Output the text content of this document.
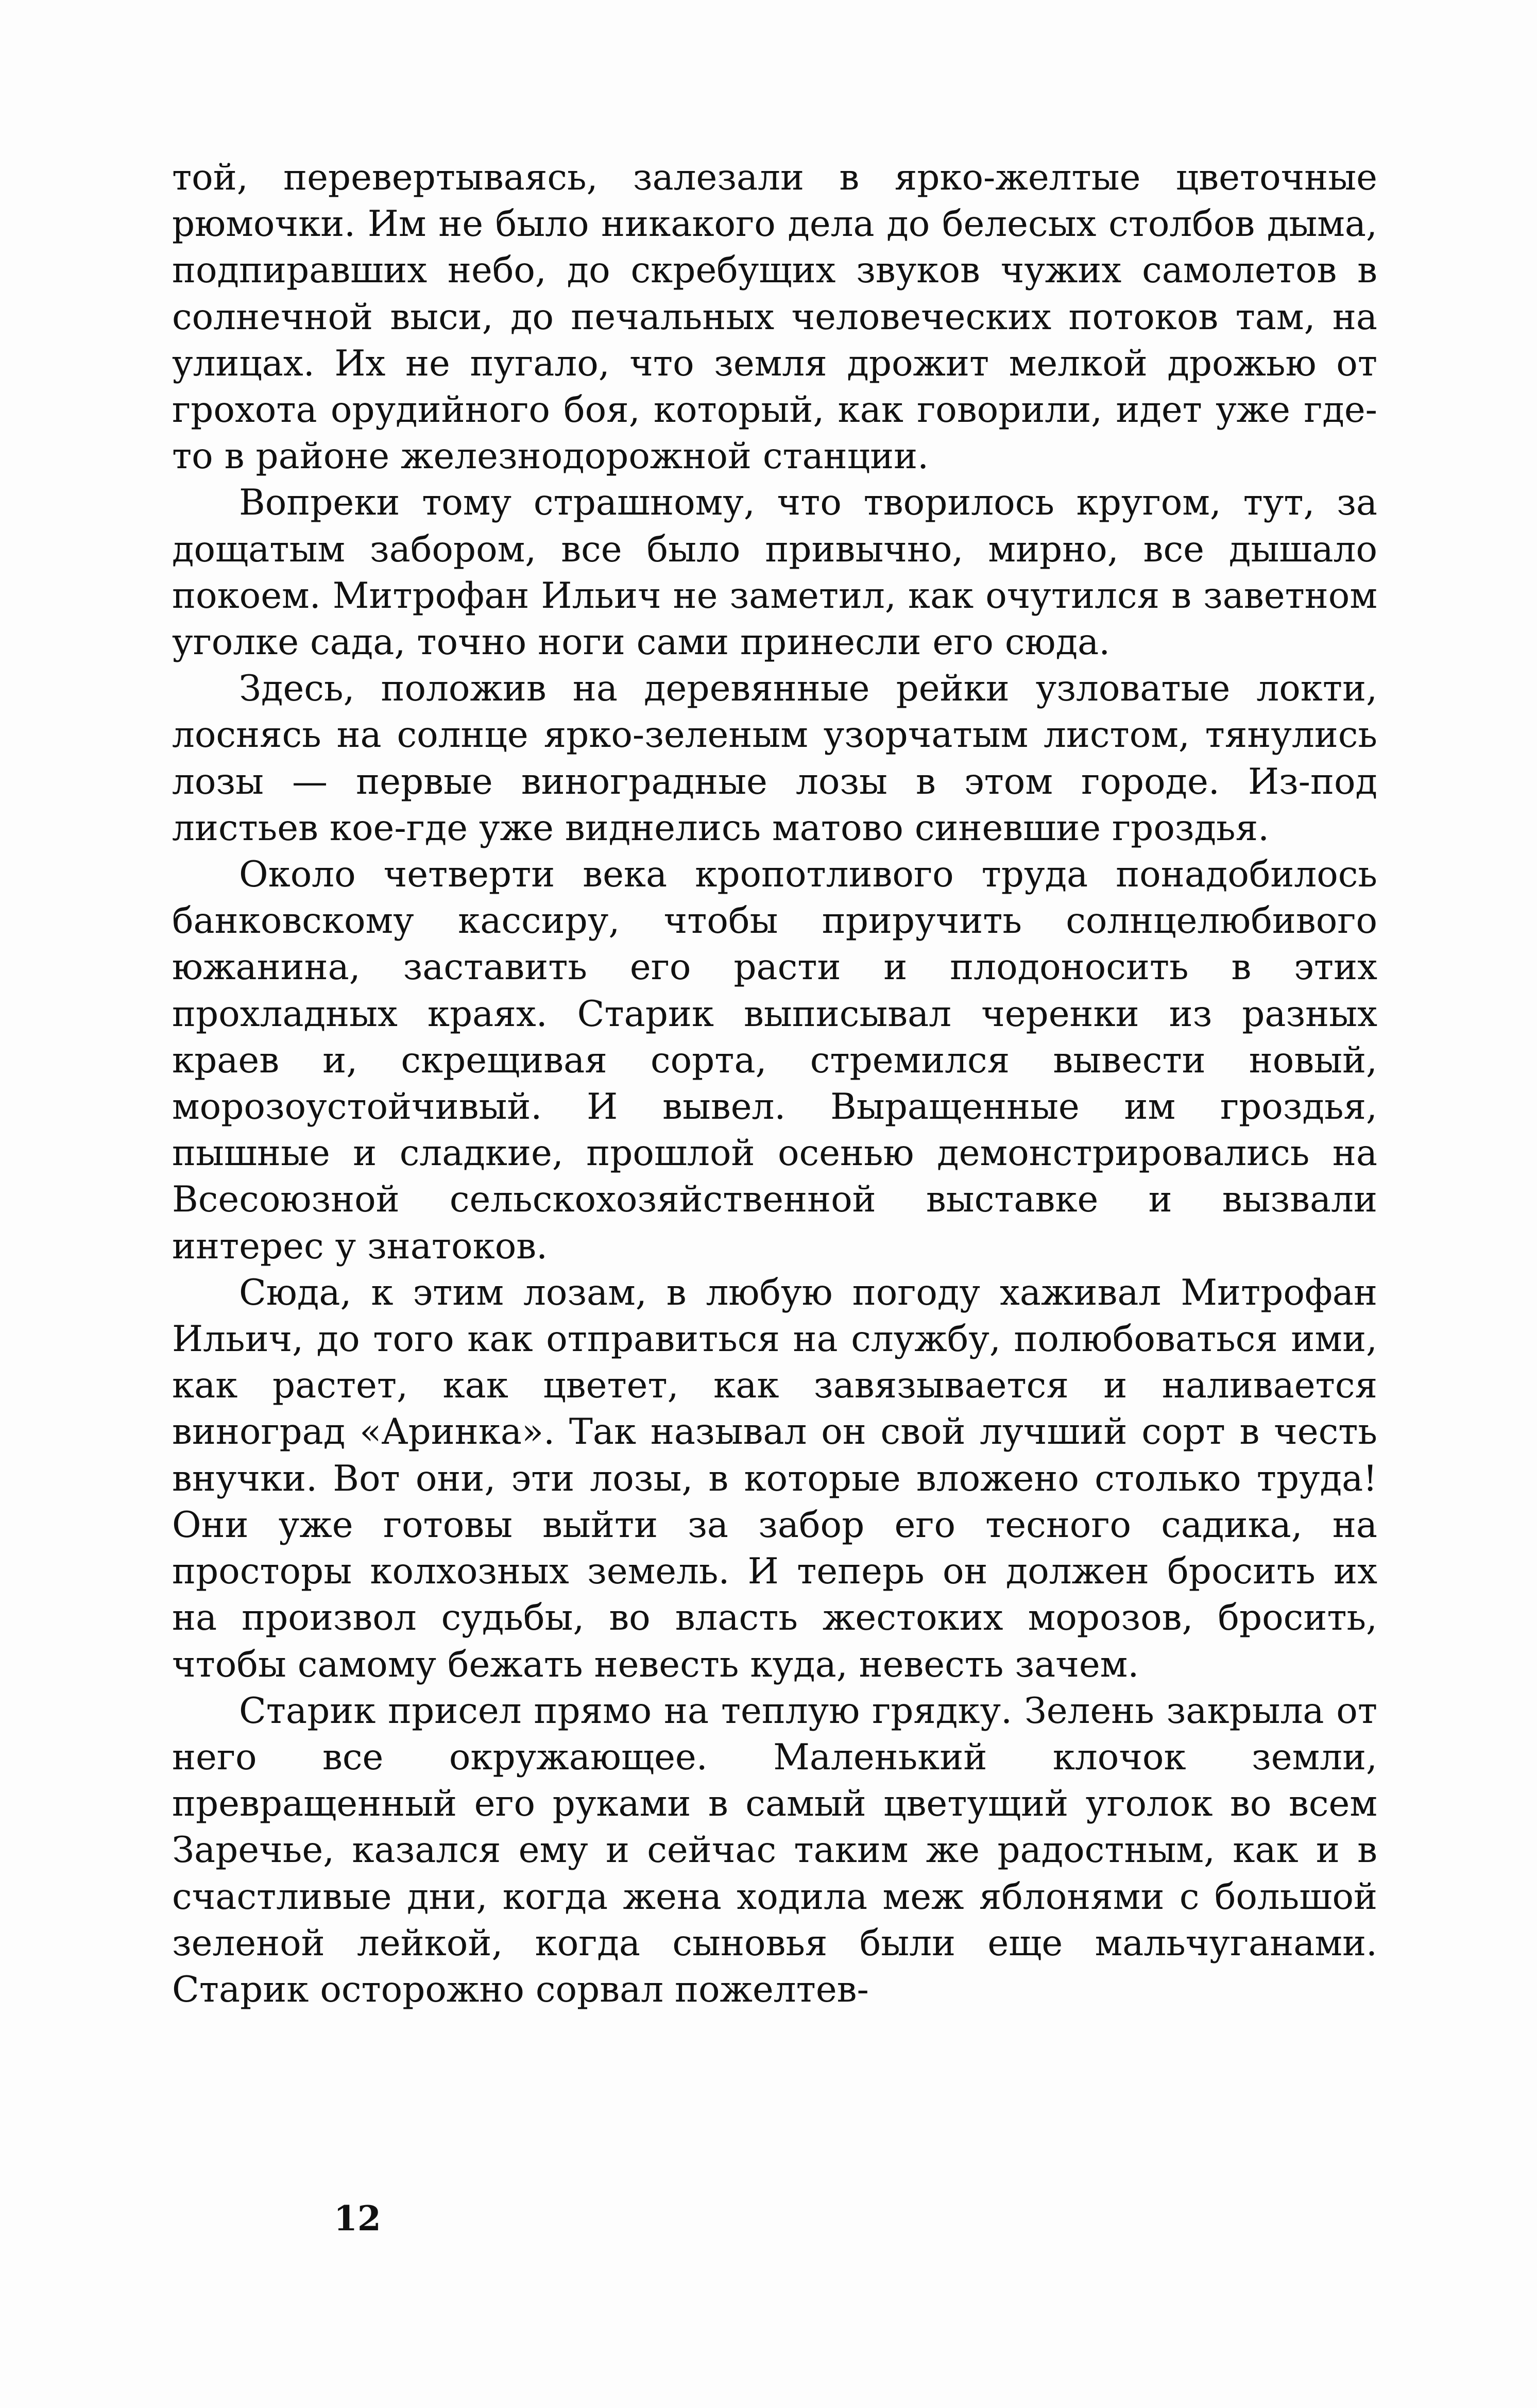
той, перевертываясь, залезали в ярко-желтые цветочные рюмочки. Им не было никакого дела до белесых столбов дыма, подпиравших небо, до скребущих звуков чужих самолетов в солнечной выси, до печальных человеческих потоков там, на улицах. Их не пугало, что земля дрожит мелкой дрожью от грохота орудийного боя, который, как говорили, идет уже где-то в районе железнодорожной станции.

Вопреки тому страшному, что творилось кругом, тут, за дощатым забором, все было привычно, мирно, все дышало покоем. Митрофан Ильич не заметил, как очутился в заветном уголке сада, точно ноги сами принесли его сюда.

Здесь, положив на деревянные рейки узловатые локти, лоснясь на солнце ярко-зеленым узорчатым листом, тянулись лозы — первые виноградные лозы в этом городе. Из-под листьев кое-где уже виднелись матово синевшие гроздья.

Около четверти века кропотливого труда понадобилось банковскому кассиру, чтобы приручить солнцелюбивого южанина, заставить его расти и плодоносить в этих прохладных краях. Старик выписывал черенки из разных краев и, скрещивая сорта, стремился вывести новый, морозоустойчивый. И вывел. Выращенные им гроздья, пышные и сладкие, прошлой осенью демонстрировались на Всесоюзной сельскохозяйственной выставке и вызвали интерес у знатоков.

Сюда, к этим лозам, в любую погоду хаживал Митрофан Ильич, до того как отправиться на службу, полюбоваться ими, как растет, как цветет, как завязывается и наливается виноград «Аринка». Так называл он свой лучший сорт в честь внучки. Вот они, эти лозы, в которые вложено столько труда! Они уже готовы выйти за забор его тесного садика, на просторы колхозных земель. И теперь он должен бросить их на произвол судьбы, во власть жестоких морозов, бросить, чтобы самому бежать невесть куда, невесть зачем.

Старик присел прямо на теплую грядку. Зелень закрыла от него все окружающее. Маленький клочок земли, превращенный его руками в самый цветущий уголок во всем Заречье, казался ему и сейчас таким же радостным, как и в счастливые дни, когда жена ходила меж яблонями с большой зеленой лейкой, когда сыновья были еще мальчуганами. Старик осторожно сорвал пожелтев-

12
